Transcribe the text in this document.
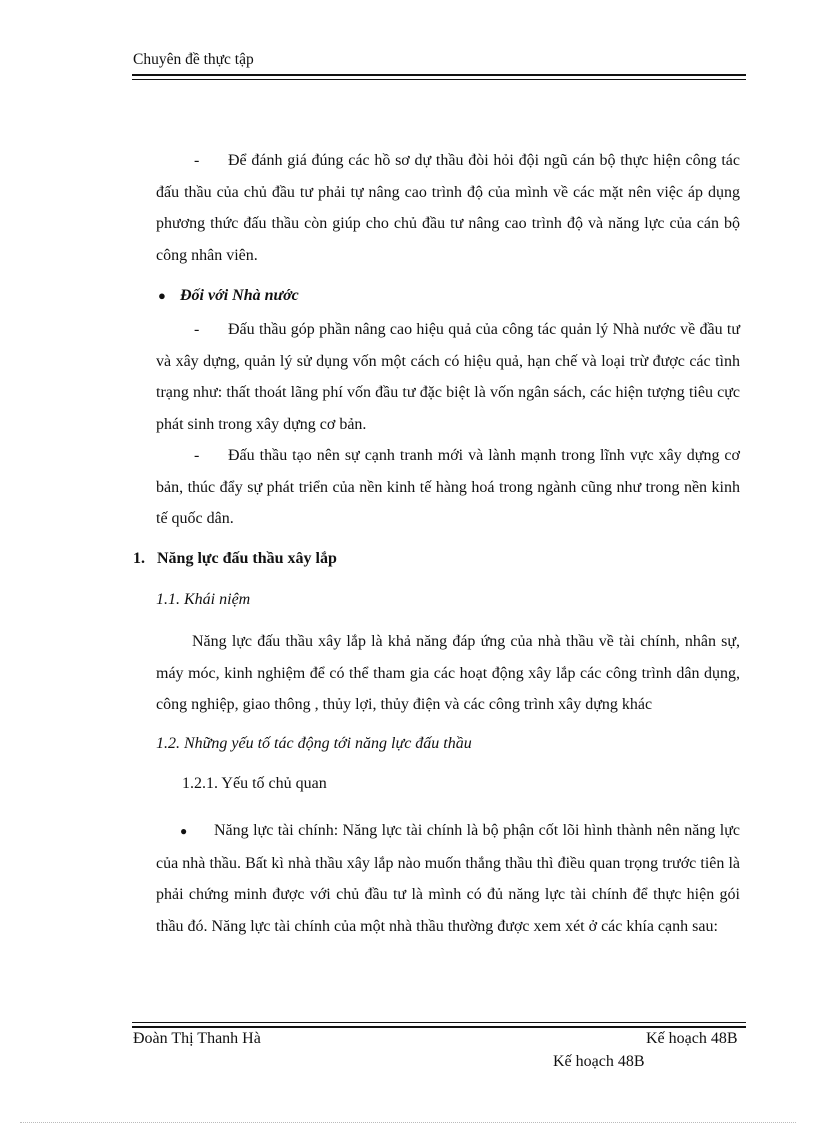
Chuyên đề thực tập
- Để đánh giá đúng các hồ sơ dự thầu đòi hỏi đội ngũ cán bộ thực hiện công tác đấu thầu của chủ đầu tư phải tự nâng cao trình độ của mình về các mặt nên việc áp dụng phương thức đấu thầu còn giúp cho chủ đầu tư nâng cao trình độ và năng lực của cán bộ công nhân viên.
● Đối với Nhà nước
- Đấu thầu góp phần nâng cao hiệu quả của công tác quản lý Nhà nước về đầu tư và xây dựng, quản lý sử dụng vốn một cách có hiệu quả, hạn chế và loại trừ được các tình trạng như: thất thoát lãng phí vốn đầu tư đặc biệt là vốn ngân sách, các hiện tượng tiêu cực phát sinh trong xây dựng cơ bản.
- Đấu thầu tạo nên sự cạnh tranh mới và lành mạnh trong lĩnh vực xây dựng cơ bản, thúc đẩy sự phát triển của nền kinh tế hàng hoá trong ngành cũng như trong nền kinh tế quốc dân.
1. Năng lực đấu thầu xây lắp
1.1. Khái niệm
Năng lực đấu thầu xây lắp là khả năng đáp ứng của nhà thầu về tài chính, nhân sự, máy móc, kinh nghiệm để có thể tham gia các hoạt động xây lắp các công trình dân dụng, công nghiệp, giao thông , thủy lợi, thủy điện và các công trình xây dựng khác
1.2. Những yếu tố tác động tới năng lực đấu thầu
1.2.1. Yếu tố chủ quan
● Năng lực tài chính: Năng lực tài chính là bộ phận cốt lõi hình thành nên năng lực của nhà thầu. Bất kì nhà thầu xây lắp nào muốn thắng thầu thì điều quan trọng trước tiên là phải chứng minh được với chủ đầu tư là mình có đủ năng lực tài chính để thực hiện gói thầu đó. Năng lực tài chính của một nhà thầu thường được xem xét ở các khía cạnh sau:
Đoàn Thị Thanh Hà	Kế hoạch 48B
Kế hoạch 48B
